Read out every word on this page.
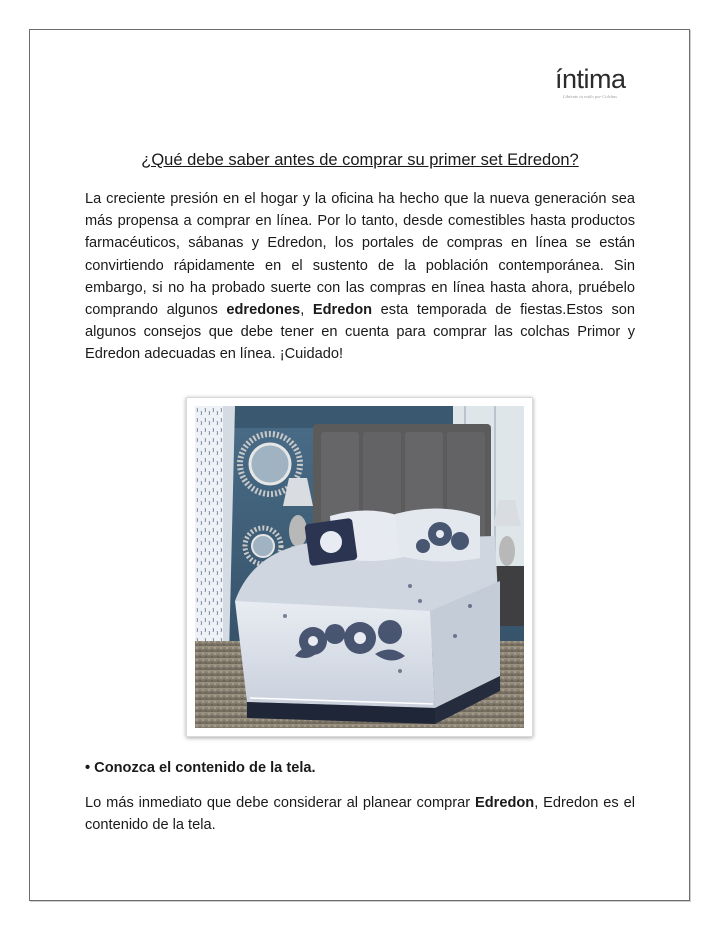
íntima
Libérate tu estilo por Colchas
¿Qué debe saber antes de comprar su primer set Edredon?

La creciente presión en el hogar y la oficina ha hecho que la nueva generación sea más propensa a comprar en línea. Por lo tanto, desde comestibles hasta productos farmacéuticos, sábanas y Edredon, los portales de compras en línea se están convirtiendo rápidamente en el sustento de la población contemporánea. Sin embargo, si no ha probado suerte con las compras en línea hasta ahora, pruébelo comprando algunos edredones, Edredon esta temporada de fiestas.Estos son algunos consejos que debe tener en cuenta para comprar las colchas Primor y Edredon adecuadas en línea. ¡Cuidado!

• Conozca el contenido de la tela.

Lo más inmediato que debe considerar al planear comprar Edredon, Edredon es el contenido de la tela.
